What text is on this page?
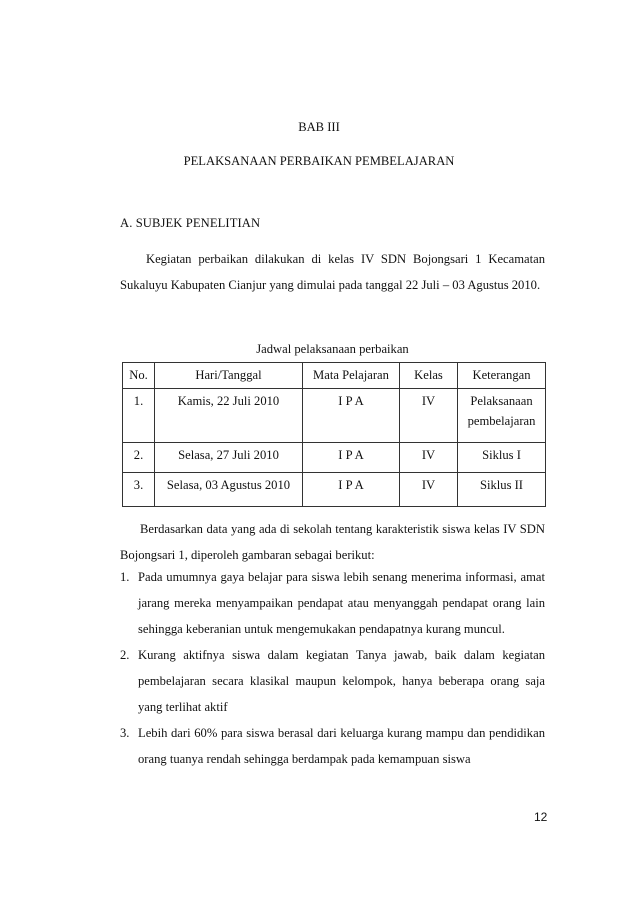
BAB III
PELAKSANAAN PERBAIKAN PEMBELAJARAN
A. SUBJEK PENELITIAN
Kegiatan perbaikan dilakukan di kelas IV SDN Bojongsari 1 Kecamatan Sukaluyu Kabupaten Cianjur yang dimulai pada tanggal 22 Juli – 03 Agustus 2010.
Jadwal pelaksanaan perbaikan
No.	Hari/Tanggal	Mata Pelajaran	Kelas	Keterangan
1.	Kamis, 22 Juli 2010	I P A	IV	Pelaksanaan pembelajaran
2.	Selasa, 27 Juli 2010	I P A	IV	Siklus I
3.	Selasa, 03 Agustus 2010	I P A	IV	Siklus II
Berdasarkan data yang ada di sekolah tentang karakteristik siswa kelas IV SDN Bojongsari 1, diperoleh gambaran sebagai berikut:
1. Pada umumnya gaya belajar para siswa lebih senang menerima informasi, amat jarang mereka menyampaikan pendapat atau menyanggah pendapat orang lain sehingga keberanian untuk mengemukakan pendapatnya kurang muncul.
2. Kurang aktifnya siswa dalam kegiatan Tanya jawab, baik dalam kegiatan pembelajaran secara klasikal maupun kelompok, hanya beberapa orang saja yang terlihat aktif
3. Lebih dari 60% para siswa berasal dari keluarga kurang mampu dan pendidikan orang tuanya rendah sehingga berdampak pada kemampuan siswa
12
